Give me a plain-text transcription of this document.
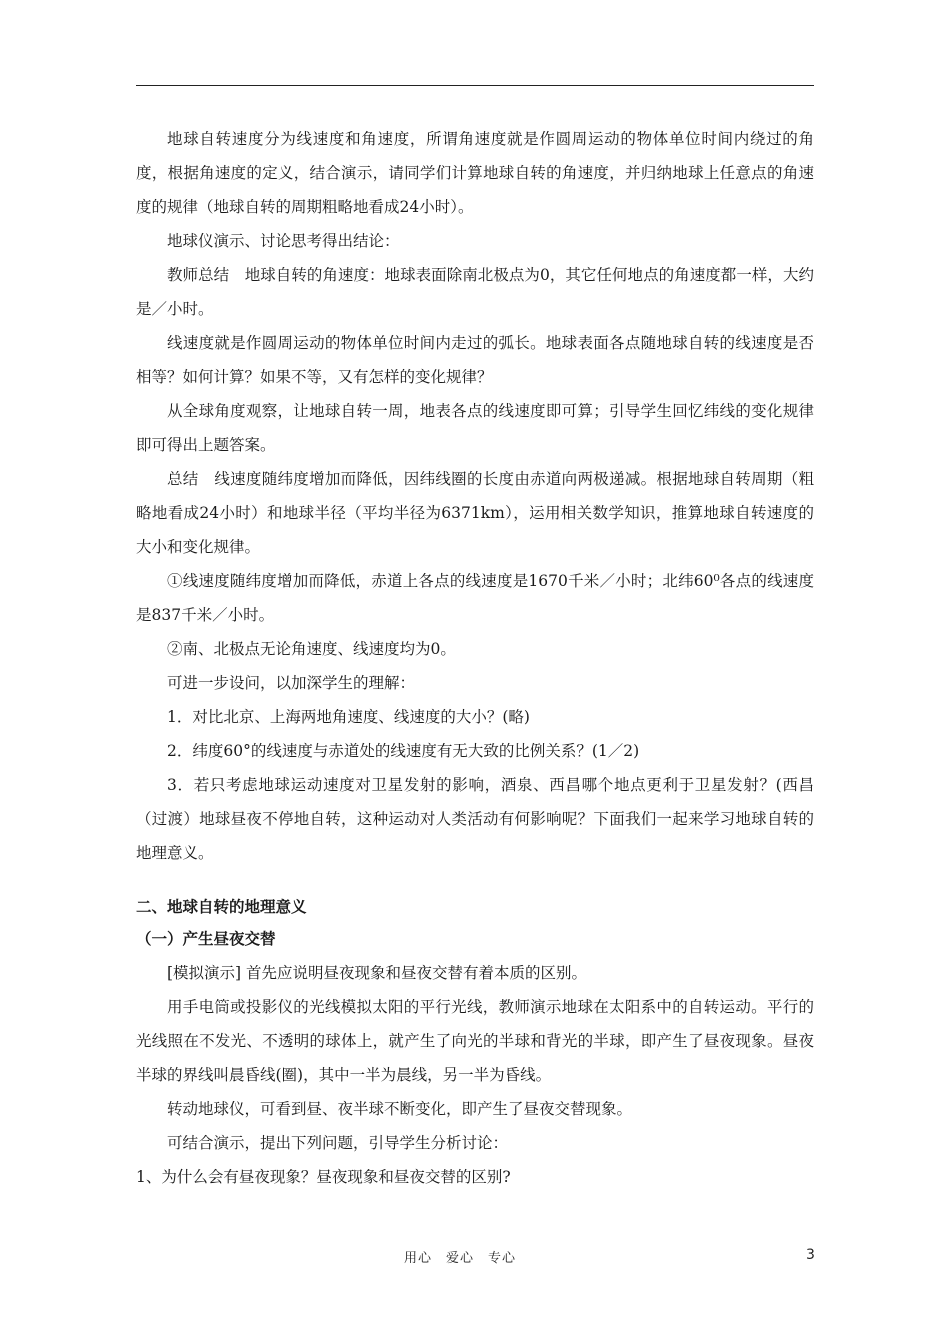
地球自转速度分为线速度和角速度，所谓角速度就是作圆周运动的物体单位时间内绕过的角度，根据角速度的定义，结合演示，请同学们计算地球自转的角速度，并归纳地球上任意点的角速度的规律（地球自转的周期粗略地看成24小时）。

地球仪演示、讨论思考得出结论：

教师总结　地球自转的角速度：地球表面除南北极点为0，其它任何地点的角速度都一样，大约是／小时。

线速度就是作圆周运动的物体单位时间内走过的弧长。地球表面各点随地球自转的线速度是否相等？如何计算？如果不等，又有怎样的变化规律？

从全球角度观察，让地球自转一周，地表各点的线速度即可算；引导学生回忆纬线的变化规律即可得出上题答案。

总结　线速度随纬度增加而降低，因纬线圈的长度由赤道向两极递减。根据地球自转周期（粗略地看成24小时）和地球半径（平均半径为6371km），运用相关数学知识，推算地球自转速度的大小和变化规律。

①线速度随纬度增加而降低，赤道上各点的线速度是1670千米／小时；北纬60⁰各点的线速度是837千米／小时。

②南、北极点无论角速度、线速度均为0。

可进一步设问，以加深学生的理解：

1．对比北京、上海两地角速度、线速度的大小？(略)

2．纬度60°的线速度与赤道处的线速度有无大致的比例关系？(1／2)

3．若只考虑地球运动速度对卫星发射的影响，酒泉、西昌哪个地点更利于卫星发射？(西昌（过渡）地球昼夜不停地自转，这种运动对人类活动有何影响呢？下面我们一起来学习地球自转的地理意义。

二、地球自转的地理意义

（一）产生昼夜交替

[模拟演示] 首先应说明昼夜现象和昼夜交替有着本质的区别。

用手电筒或投影仪的光线模拟太阳的平行光线，教师演示地球在太阳系中的自转运动。平行的光线照在不发光、不透明的球体上，就产生了向光的半球和背光的半球，即产生了昼夜现象。昼夜半球的界线叫晨昏线(圈)，其中一半为晨线，另一半为昏线。

转动地球仪，可看到昼、夜半球不断变化，即产生了昼夜交替现象。

可结合演示，提出下列问题，引导学生分析讨论：

1、为什么会有昼夜现象？昼夜现象和昼夜交替的区别?

用心　爱心　专心	3
